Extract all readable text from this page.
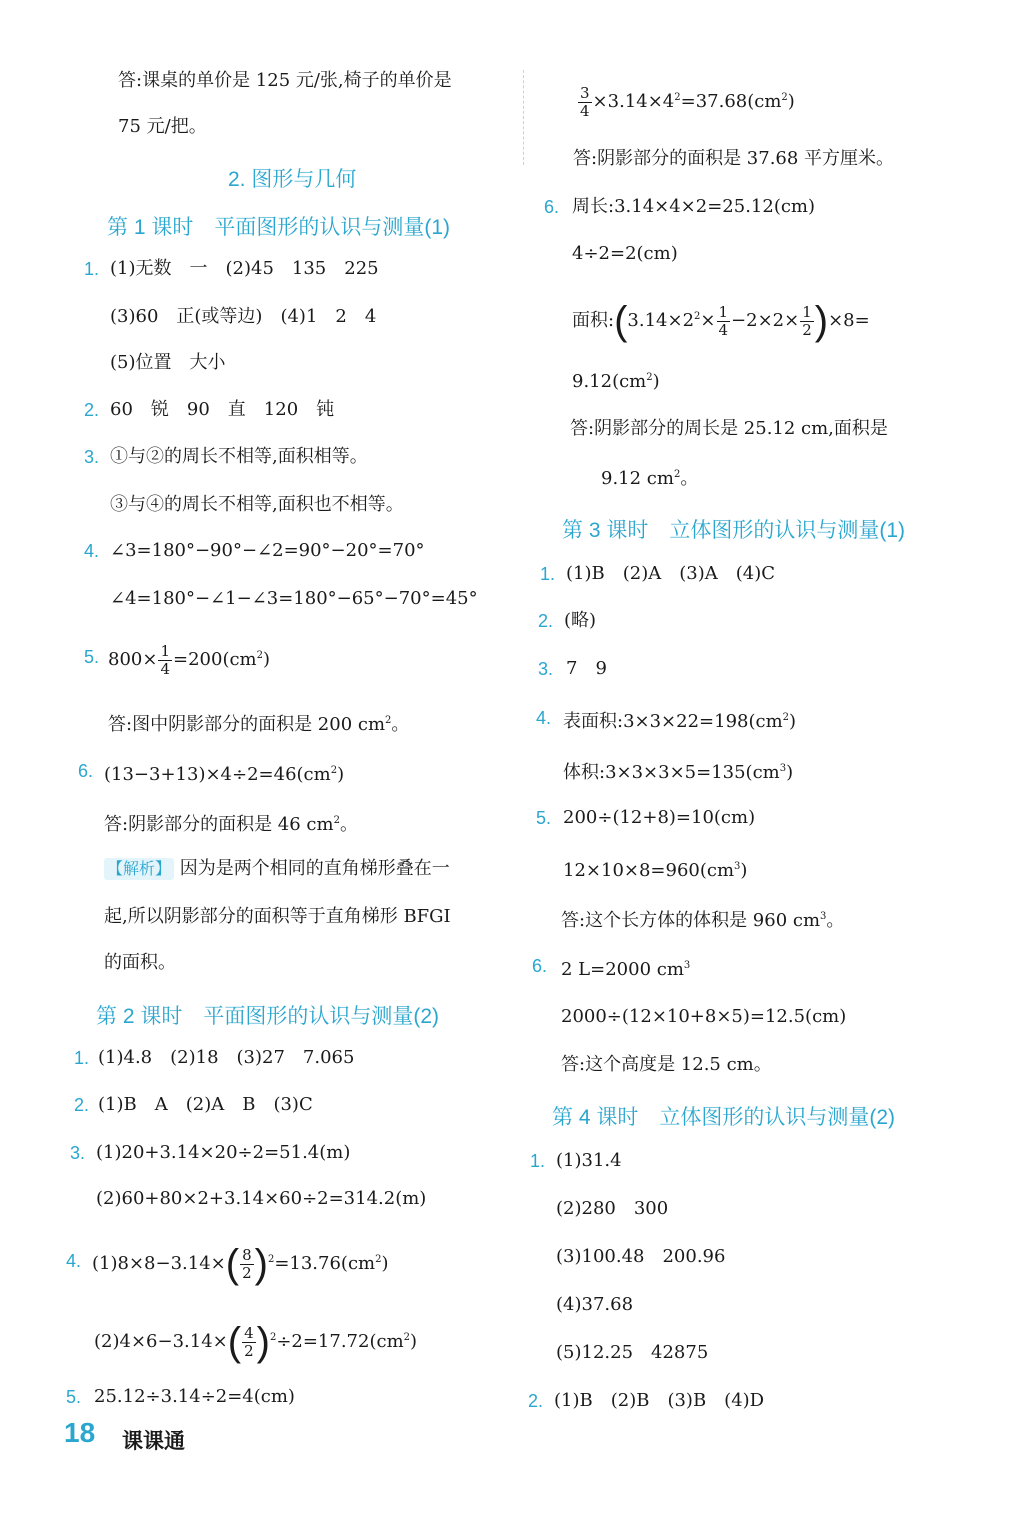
答:课桌的单价是 125 元/张,椅子的单价是
75 元/把。
2. 图形与几何
第 1 课时　平面图形的认识与测量(1)
1. (1)无数　一　(2)45　135　225
(3)60　正(或等边)　(4)1　2　4
(5)位置　大小
2. 60　锐　90　直　120　钝
3. ①与②的周长不相等,面积相等。
③与④的周长不相等,面积也不相等。
4. ∠3=180°−90°−∠2=90°−20°=70°
∠4=180°−∠1−∠3=180°−65°−70°=45°
5. $800\times \frac{1}{4} =200(cm^2)$
答:图中阴影部分的面积是 200 $cm^2$。
6. $(13-3+13)\times 4\div 2=46(cm^2)$
答:阴影部分的面积是 46 $cm^2$。
【解析】 因为是两个相同的直角梯形叠在一
起,所以阴影部分的面积等于直角梯形 BFGI
的面积。
第 2 课时　平面图形的认识与测量(2)
1. (1)4.8　(2)18　(3)27　7.065
2. (1)B　A　(2)A　B　(3)C
3. (1)20+3.14×20÷2=51.4(m)
(2)60+80×2+3.14×60÷2=314.2(m)
4. $(1)8\times 8-3.14\times( \frac{8}{2} )^2=13.76(cm^2)$
$(2)4\times 6-3.14\times( \frac{4}{2} )^2\div 2=17.72(cm^2)$
5. 25.12÷3.14÷2=4(cm)
$\frac{3}{4} \times 3.14\times 4^2=37.68(cm^2)$
答:阴影部分的面积是 37.68 平方厘米。
6. 周长:3.14×4×2=25.12(cm)
4÷2=2(cm)
面积$:(3.14\times 2^2\times \frac{1}{4} -2\times 2\times \frac{1}{2} )\times 8=$
$9.12(cm^2)$
答:阴影部分的周长是 25.12 cm,面积是
9.12 $cm^2$。
第 3 课时　立体图形的认识与测量(1)
1. (1)B　(2)A　(3)A　(4)C
2. (略)
3. 7　9
4. 表面积$:3\times 3\times 22=198(cm^2)$
体积$:3\times 3\times 3\times 5=135(cm^3)$
5. 200÷(12+8)=10(cm)
$12\times 10\times 8=960(cm^3)$
答:这个长方体的体积是 960 $cm^3$。
6. 2 L=2000 $cm^3$
2000÷(12×10+8×5)=12.5(cm)
答:这个高度是 12.5 cm。
第 4 课时　立体图形的认识与测量(2)
1. (1)31.4
(2)280　300
(3)100.48　200.96
(4)37.68
(5)12.25　42875
2. (1)B　(2)B　(3)B　(4)D
18 课课通
